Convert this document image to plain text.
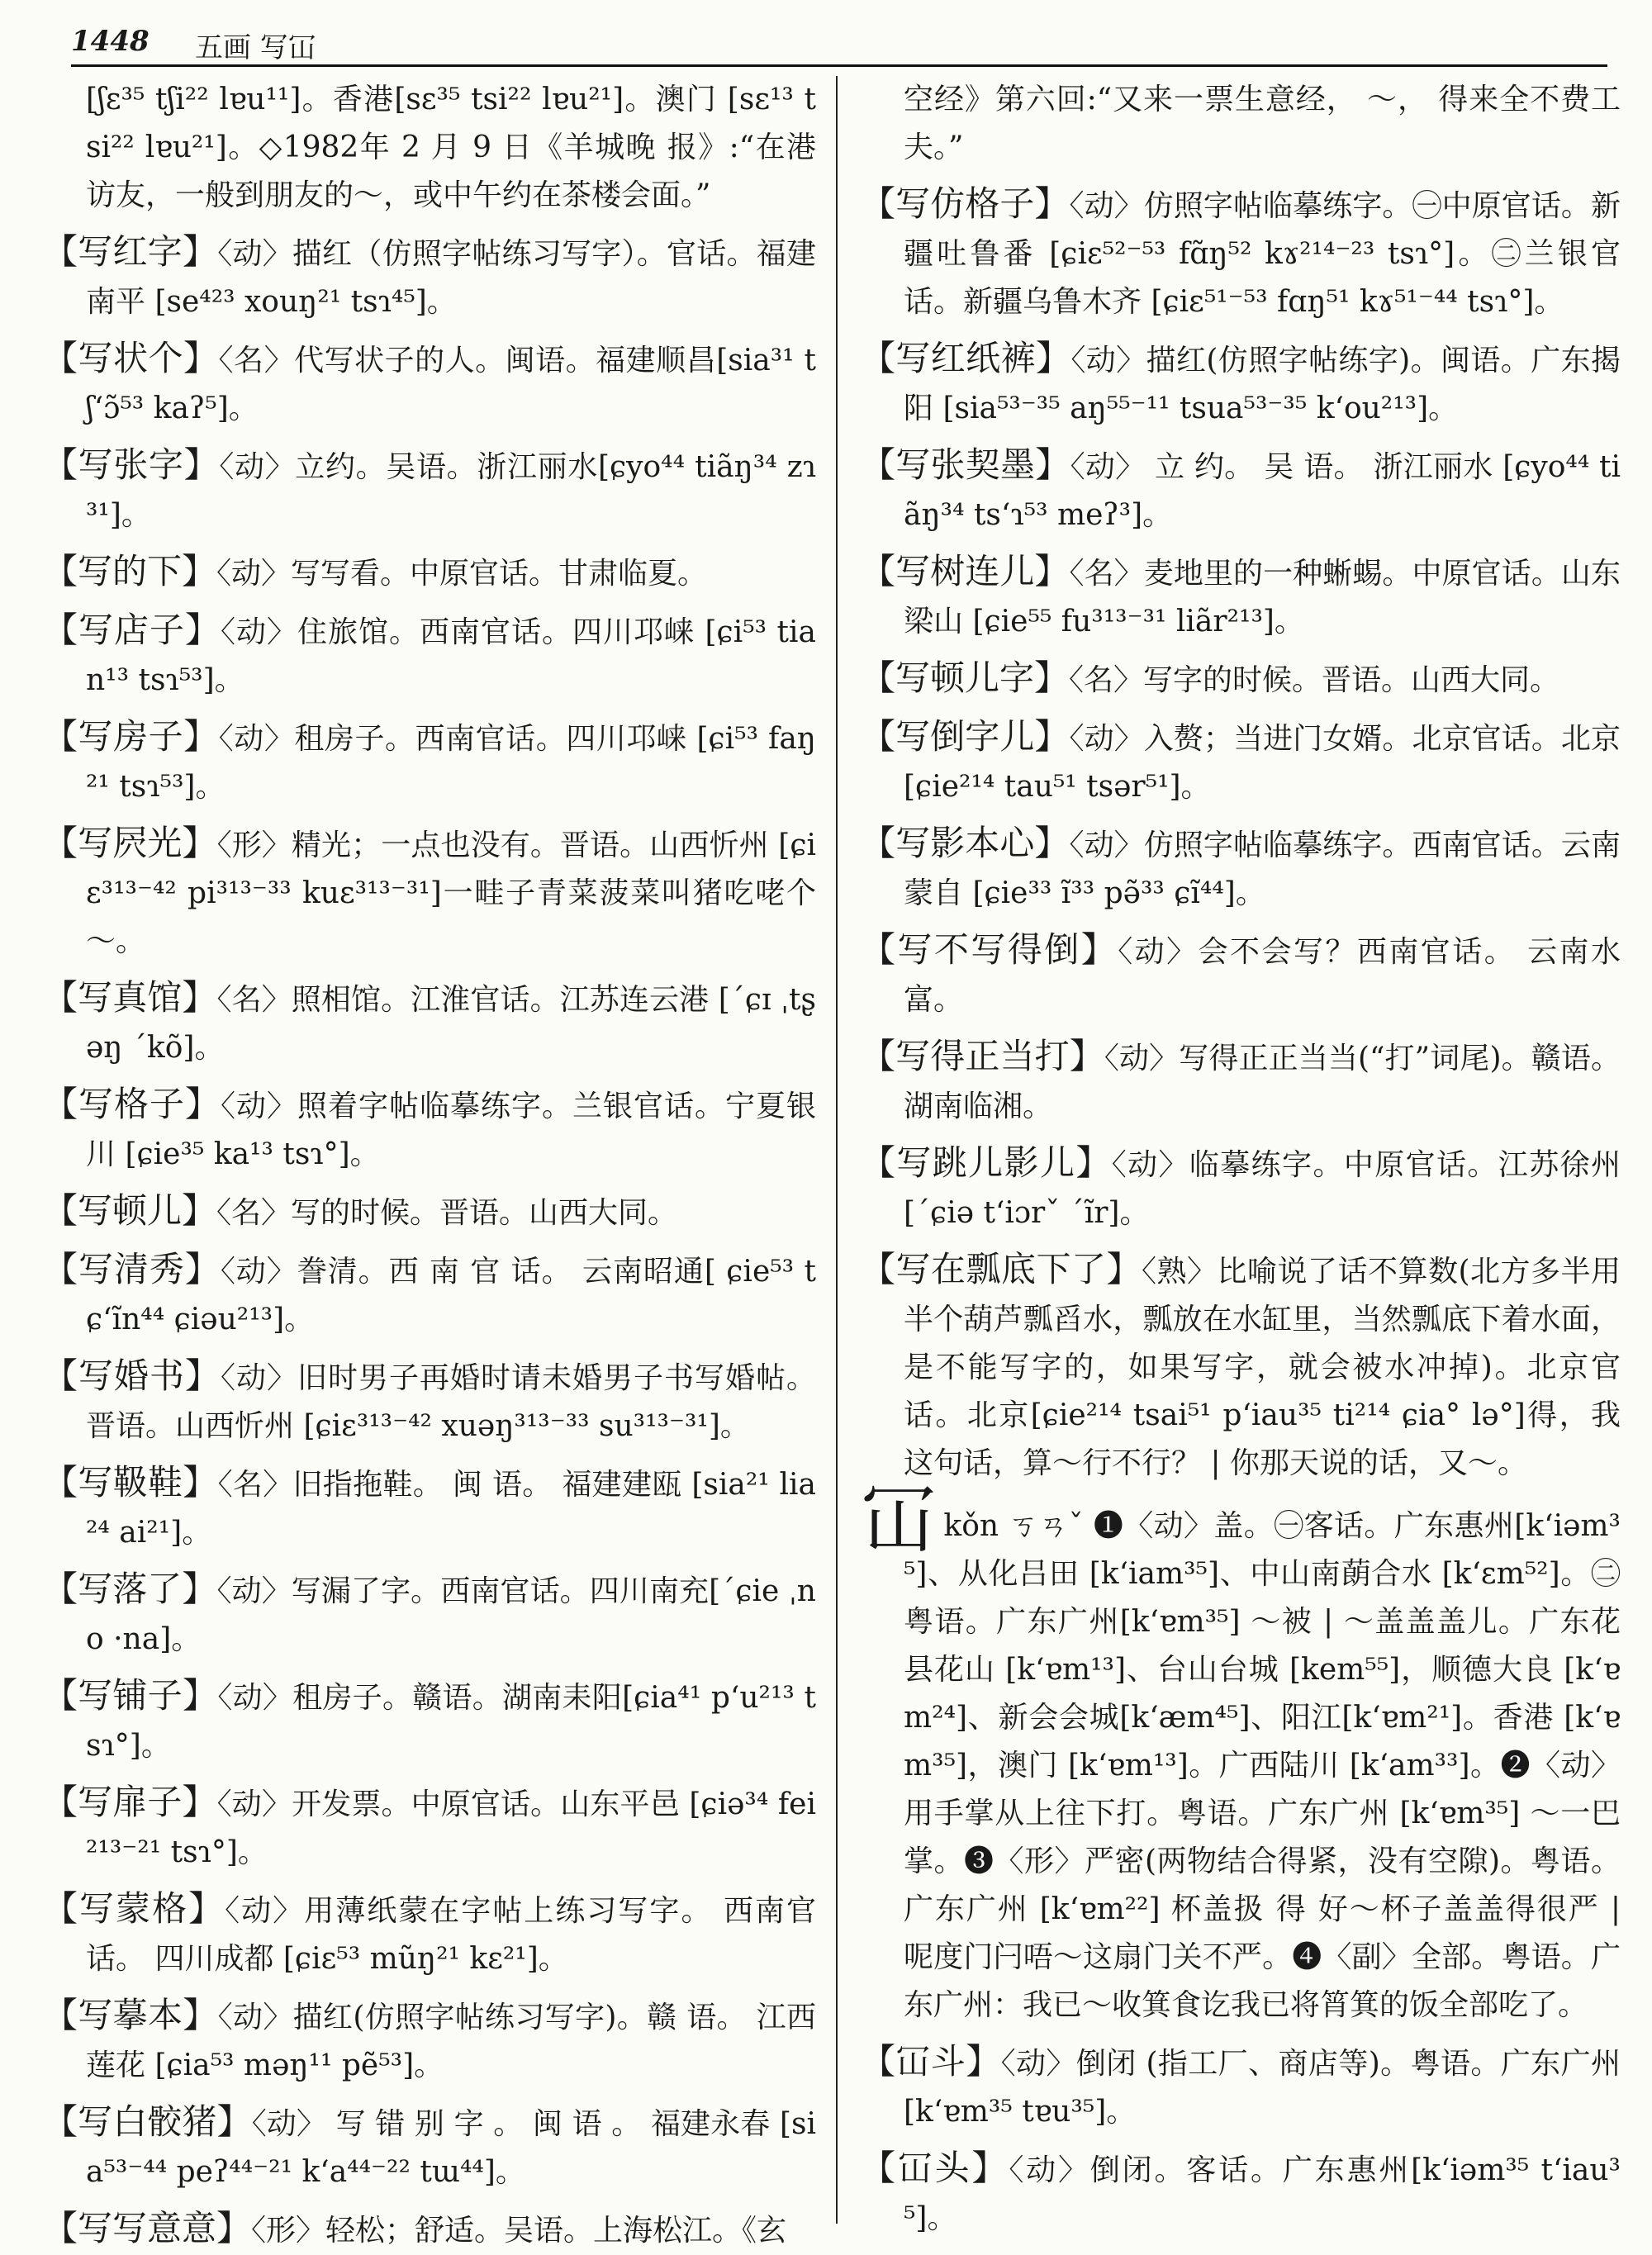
1448 五画 写冚

[ʃɛ³⁵ tʃi²² lɐu¹¹]。香港[sɛ³⁵ tsi²² lɐu²¹]。澳门 [sɛ¹³ tsi²² lɐu²¹]。◇1982年 2 月 9 日《羊城晚 报》:“在港访友，一般到朋友的～，或中午约在茶楼会面。”

【写红字】〈动〉描红（仿照字帖练习写字）。官话。福建南平 [se⁴²³ xouŋ²¹ tsɿ⁴⁵]。

【写状个】〈名〉代写状子的人。闽语。福建顺昌[sia³¹ tʃ‘ɔ̃⁵³ kaʔ⁵]。

【写张字】〈动〉立约。吴语。浙江丽水[ɕyo⁴⁴ tiãŋ³⁴ zɿ³¹]。

【写的下】〈动〉写写看。中原官话。甘肃临夏。

【写店子】〈动〉住旅馆。西南官话。四川邛崃 [ɕi⁵³ tian¹³ tsɿ⁵³]。

【写房子】〈动〉租房子。西南官话。四川邛崃 [ɕi⁵³ faŋ²¹ tsɿ⁵³]。

【写屄光】〈形〉精光；一点也没有。晋语。山西忻州 [ɕiɛ³¹³⁻⁴² pi³¹³⁻³³ kuɛ³¹³⁻³¹]一畦子青菜菠菜叫猪吃咾个～。

【写真馆】〈名〉照相馆。江淮官话。江苏连云港 [ˊɕɪ ˌtʂəŋ ˊkõ]。

【写格子】〈动〉照着字帖临摹练字。兰银官话。宁夏银川 [ɕie³⁵ ka¹³ tsɿ°]。

【写顿儿】〈名〉写的时候。晋语。山西大同。

【写清秀】〈动〉誊清。西 南 官 话。 云南昭通[ ɕie⁵³ tɕ‘ĩn⁴⁴ ɕiəu²¹³]。

【写婚书】〈动〉旧时男子再婚时请未婚男子书写婚帖。晋语。山西忻州 [ɕiɛ³¹³⁻⁴² xuəŋ³¹³⁻³³ su³¹³⁻³¹]。

【写靸鞋】〈名〉旧指拖鞋。 闽 语。 福建建瓯 [sia²¹ lia²⁴ ai²¹]。

【写落了】〈动〉写漏了字。西南官话。四川南充[ˊɕie ˌno ·na]。

【写铺子】〈动〉租房子。赣语。湖南耒阳[ɕia⁴¹ p‘u²¹³ tsɿ°]。

【写扉子】〈动〉开发票。中原官话。山东平邑 [ɕiə³⁴ fei²¹³⁻²¹ tsɿ°]。

【写蒙格】〈动〉用薄纸蒙在字帖上练习写字。 西南官话。 四川成都 [ɕiɛ⁵³ mũŋ²¹ kɛ²¹]。

【写摹本】〈动〉描红(仿照字帖练习写字)。赣 语。 江西莲花 [ɕia⁵³ məŋ¹¹ pẽ⁵³]。

【写白骹猪】〈动〉 写 错 别 字 。 闽 语 。 福建永春 [sia⁵³⁻⁴⁴ peʔ⁴⁴⁻²¹ k‘a⁴⁴⁻²² tɯ⁴⁴]。

【写写意意】〈形〉轻松；舒适。吴语。上海松江。《玄

空经》第六回:“又来一票生意经， ～， 得来全不费工夫。”

【写仿格子】〈动〉仿照字帖临摹练字。㊀中原官话。新疆吐鲁番 [ɕiɛ⁵²⁻⁵³ fɑ̃ŋ⁵² kɤ²¹⁴⁻²³ tsɿ°]。㊁兰银官话。新疆乌鲁木齐 [ɕiɛ⁵¹⁻⁵³ fɑŋ⁵¹ kɤ⁵¹⁻⁴⁴ tsɿ°]。

【写红纸裤】〈动〉描红(仿照字帖练字)。闽语。广东揭阳 [sia⁵³⁻³⁵ aŋ⁵⁵⁻¹¹ tsua⁵³⁻³⁵ k‘ou²¹³]。

【写张契墨】〈动〉 立 约。 吴 语。 浙江丽水 [ɕyo⁴⁴ tiãŋ³⁴ ts‘ɿ⁵³ meʔ³]。

【写树连儿】〈名〉麦地里的一种蜥蜴。中原官话。山东梁山 [ɕie⁵⁵ fu³¹³⁻³¹ liãr²¹³]。

【写顿儿字】〈名〉写字的时候。晋语。山西大同。

【写倒字儿】〈动〉入赘；当进门女婿。北京官话。北京 [ɕie²¹⁴ tau⁵¹ tsər⁵¹]。

【写影本心】〈动〉仿照字帖临摹练字。西南官话。云南蒙自 [ɕie³³ ĩ³³ pə̃³³ ɕĩ⁴⁴]。

【写不写得倒】〈动〉会不会写？西南官话。 云南水富。

【写得正当打】〈动〉写得正正当当(“打”词尾)。赣语。湖南临湘。

【写跳儿影儿】〈动〉临摹练字。中原官话。江苏徐州 [ˊɕiə t‘iɔrˇ ˊĩr]。

【写在瓢底下了】〈熟〉比喻说了话不算数(北方多半用半个葫芦瓢舀水，瓢放在水缸里，当然瓢底下着水面，是不能写字的，如果写字，就会被水冲掉)。北京官话。北京[ɕie²¹⁴ tsai⁵¹ p‘iau³⁵ ti²¹⁴ ɕia° lə°]得，我这句话，算～行不行？ | 你那天说的话，又～。

冚kǒn ㄎㄢˇ ❶〈动〉盖。㊀客话。广东惠州[k‘iəm³⁵]、从化吕田 [k‘iam³⁵]、中山南蓢合水 [k‘ɛm⁵²]。㊁粤语。广东广州[k‘ɐm³⁵] ～被 | ～盖盖盖儿。广东花县花山 [k‘ɐm¹³]、台山台城 [kem⁵⁵]，顺德大良 [k‘ɐm²⁴]、新会会城[k‘æm⁴⁵]、阳江[k‘ɐm²¹]。香港 [k‘ɐm³⁵]，澳门 [k‘ɐm¹³]。广西陆川 [k‘am³³]。❷〈动〉用手掌从上往下打。粤语。广东广州 [k‘ɐm³⁵] ～一巴掌。❸〈形〉严密(两物结合得紧，没有空隙)。粤语。广东广州 [k‘ɐm²²] 杯盖扱 得 好～杯子盖盖得很严 | 呢度门闩唔～这扇门关不严。❹〈副〉全部。粤语。广东广州：我已～收箕食讫我已将筲箕的饭全部吃了。

【冚斗】〈动〉倒闭 (指工厂、商店等)。粤语。广东广州 [k‘ɐm³⁵ tɐu³⁵]。

【冚头】〈动〉倒闭。客话。广东惠州[k‘iəm³⁵ t‘iau³⁵]。
